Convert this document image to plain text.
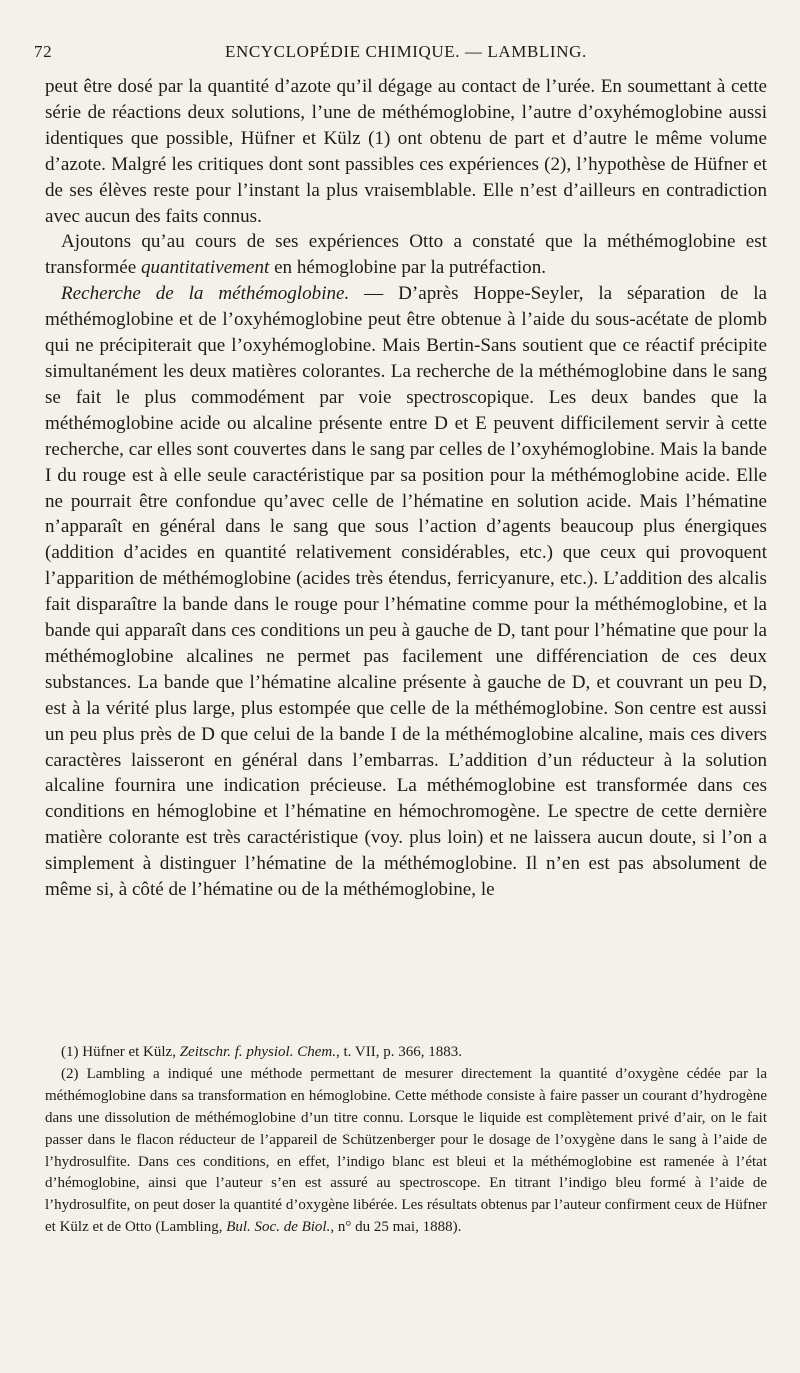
72	ENCYCLOPÉDIE CHIMIQUE. — LAMBLING.

peut être dosé par la quantité d’azote qu’il dégage au contact de l’urée. En soumettant à cette série de réactions deux solutions, l’une de méthémoglobine, l’autre d’oxyhémoglobine aussi identiques que possible, Hüfner et Külz (1) ont obtenu de part et d’autre le même volume d’azote. Malgré les critiques dont sont passibles ces expériences (2), l’hypothèse de Hüfner et de ses élèves reste pour l’instant la plus vraisemblable. Elle n’est d’ailleurs en contradiction avec aucun des faits connus.

Ajoutons qu’au cours de ses expériences Otto a constaté que la méthémoglobine est transformée quantitativement en hémoglobine par la putréfaction.

Recherche de la méthémoglobine. — D’après Hoppe-Seyler, la séparation de la méthémoglobine et de l’oxyhémoglobine peut être obtenue à l’aide du sous-acétate de plomb qui ne précipiterait que l’oxyhémoglobine. Mais Bertin-Sans soutient que ce réactif précipite simultanément les deux matières colorantes. La recherche de la méthémoglobine dans le sang se fait le plus commodément par voie spectroscopique. Les deux bandes que la méthémoglobine acide ou alcaline présente entre D et E peuvent difficilement servir à cette recherche, car elles sont couvertes dans le sang par celles de l’oxyhémoglobine. Mais la bande I du rouge est à elle seule caractéristique par sa position pour la méthémoglobine acide. Elle ne pourrait être confondue qu’avec celle de l’hématine en solution acide. Mais l’hématine n’apparaît en général dans le sang que sous l’action d’agents beaucoup plus énergiques (addition d’acides en quantité relativement considérables, etc.) que ceux qui provoquent l’apparition de méthémoglobine (acides très étendus, ferricyanure, etc.). L’addition des alcalis fait disparaître la bande dans le rouge pour l’hématine comme pour la méthémoglobine, et la bande qui apparaît dans ces conditions un peu à gauche de D, tant pour l’hématine que pour la méthémoglobine alcalines ne permet pas facilement une différenciation de ces deux substances. La bande que l’hématine alcaline présente à gauche de D, et couvrant un peu D, est à la vérité plus large, plus estompée que celle de la méthémoglobine. Son centre est aussi un peu plus près de D que celui de la bande I de la méthémoglobine alcaline, mais ces divers caractères laisseront en général dans l’embarras. L’addition d’un réducteur à la solution alcaline fournira une indication précieuse. La méthémoglobine est transformée dans ces conditions en hémoglobine et l’hématine en hémochromogène. Le spectre de cette dernière matière colorante est très caractéristique (voy. plus loin) et ne laissera aucun doute, si l’on a simplement à distinguer l’hématine de la méthémoglobine. Il n’en est pas absolument de même si, à côté de l’hématine ou de la méthémoglobine, le

(1) Hüfner et Külz, Zeitschr. f. physiol. Chem., t. VII, p. 366, 1883.

(2) Lambling a indiqué une méthode permettant de mesurer directement la quantité d’oxygène cédée par la méthémoglobine dans sa transformation en hémoglobine. Cette méthode consiste à faire passer un courant d’hydrogène dans une dissolution de méthémoglobine d’un titre connu. Lorsque le liquide est complètement privé d’air, on le fait passer dans le flacon réducteur de l’appareil de Schützenberger pour le dosage de l’oxygène dans le sang à l’aide de l’hydrosulfite. Dans ces conditions, en effet, l’indigo blanc est bleui et la méthémoglobine est ramenée à l’état d’hémoglobine, ainsi que l’auteur s’en est assuré au spectroscope. En titrant l’indigo bleu formé à l’aide de l’hydrosulfite, on peut doser la quantité d’oxygène libérée. Les résultats obtenus par l’auteur confirment ceux de Hüfner et Külz et de Otto (Lambling, Bul. Soc. de Biol., n° du 25 mai, 1888).
